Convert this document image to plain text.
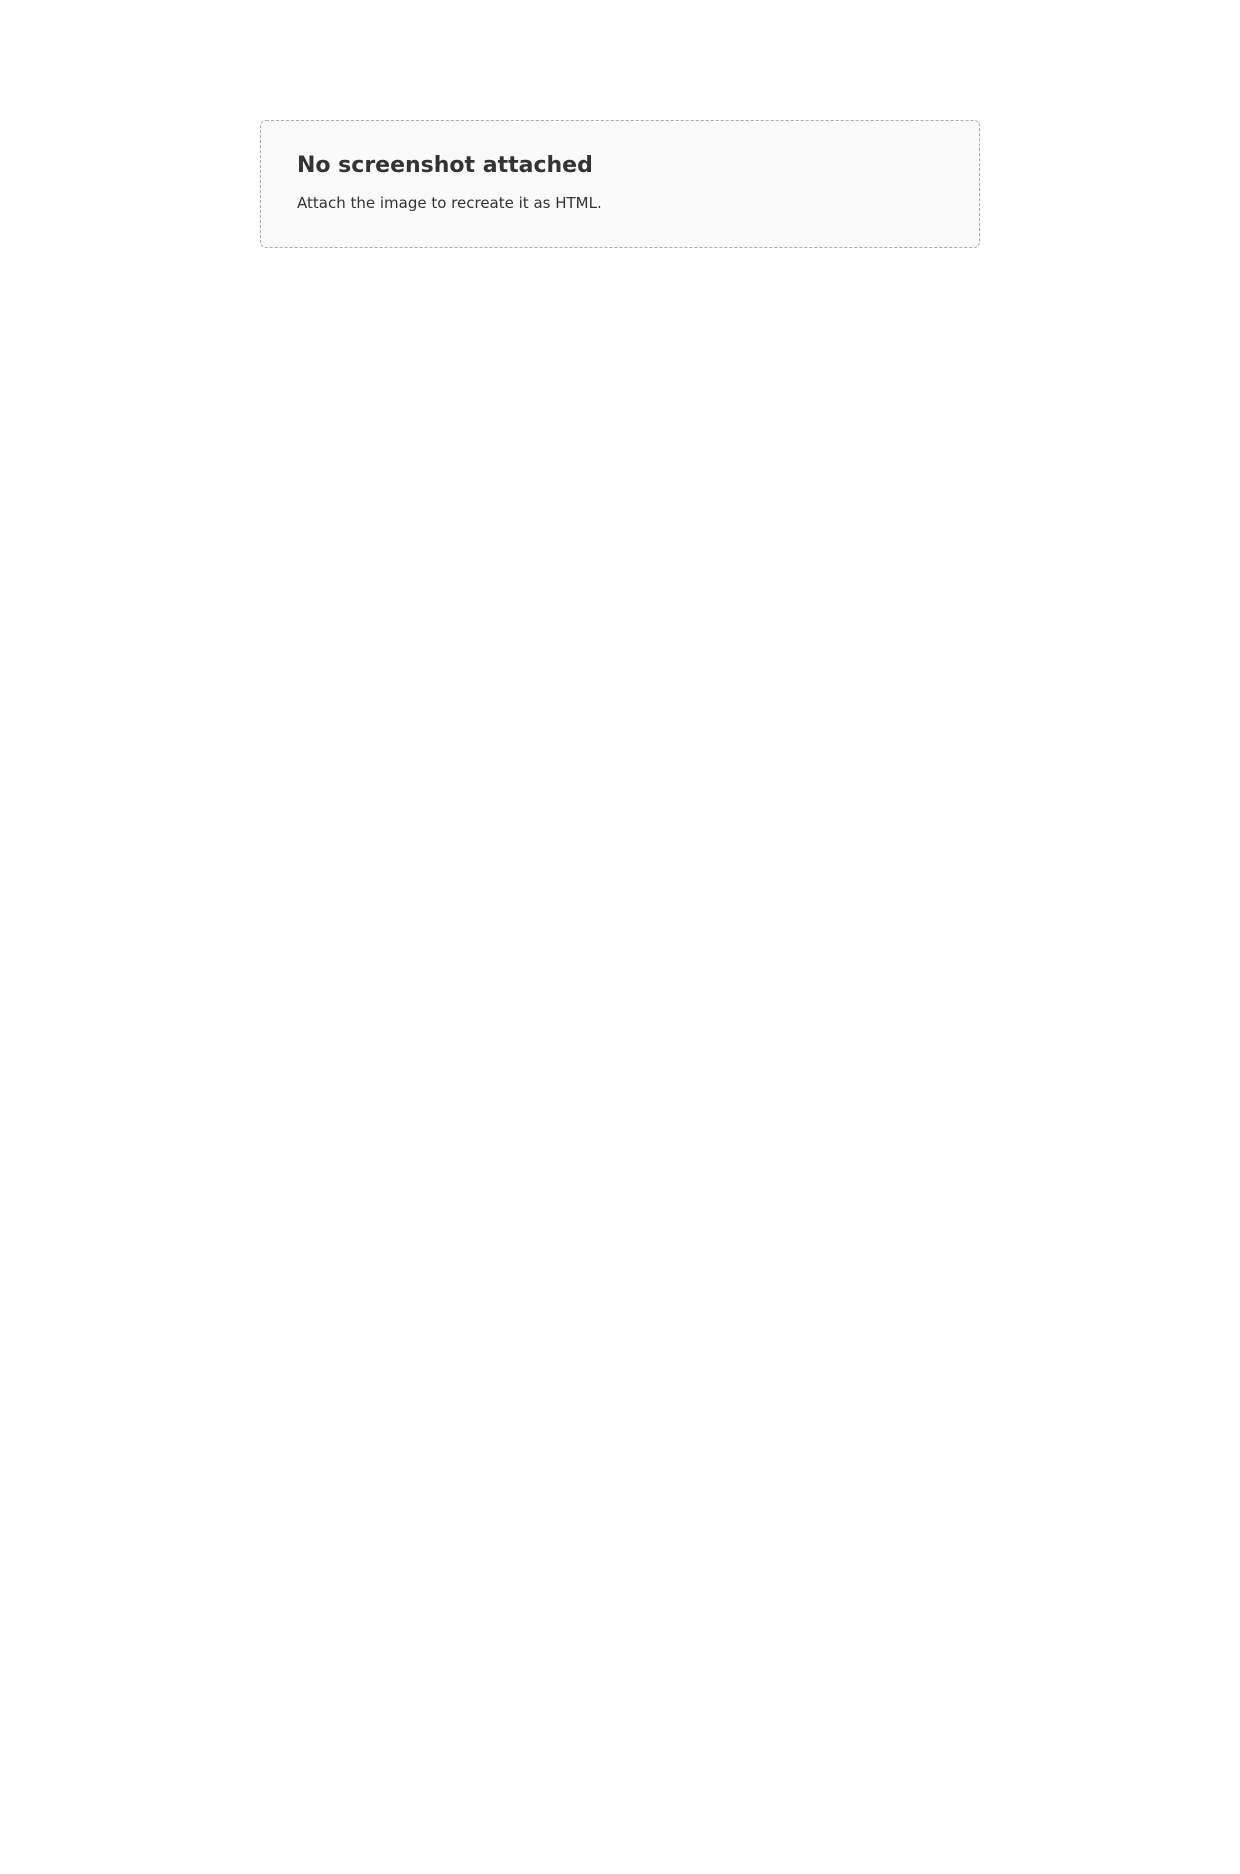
No screenshot attached

Attach the image to recreate it as HTML.
